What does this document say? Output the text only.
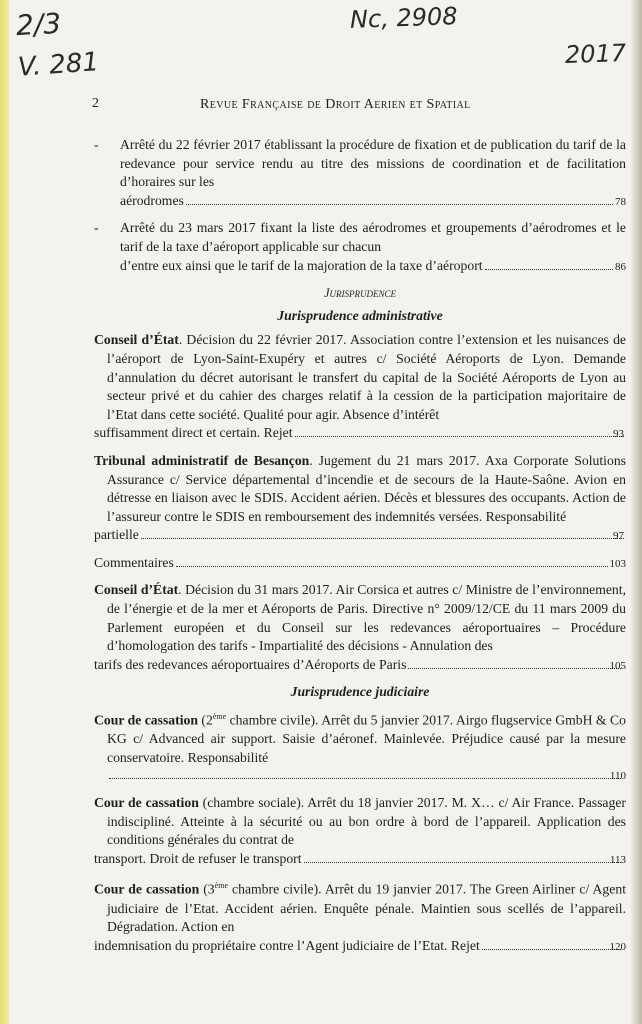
2/3
V. 281
Nc, 2908
2017
2	Revue Française de Droit Aerien et Spatial
- Arrêté du 22 février 2017 établissant la procédure de fixation et de publication du tarif de la redevance pour service rendu au titre des missions de coordination et de facilitation d’horaires sur les
aérodromes	78
- Arrêté du 23 mars 2017 fixant la liste des aérodromes et groupements d’aérodromes et le tarif de la taxe d’aéroport applicable sur chacun
d’entre eux ainsi que le tarif de la majoration de la taxe d’aéroport	86
Jurisprudence
Jurisprudence administrative
Conseil d’État. Décision du 22 février 2017. Association contre l’extension et les nuisances de l’aéroport de Lyon-Saint-Exupéry et autres c/ Société Aéroports de Lyon. Demande d’annulation du décret autorisant le transfert du capital de la Société Aéroports de Lyon au secteur privé et du cahier des charges relatif à la cession de la participation majoritaire de l’Etat dans cette société. Qualité pour agir. Absence d’intérêt
suffisamment direct et certain. Rejet	93
Tribunal administratif de Besançon. Jugement du 21 mars 2017. Axa Corporate Solutions Assurance c/ Service départemental d’incendie et de secours de la Haute-Saône. Avion en détresse en liaison avec le SDIS. Accident aérien. Décès et blessures des occupants. Action de l’assureur contre le SDIS en remboursement des indemnités versées. Responsabilité
partielle	97
Commentaires	103
Conseil d’État. Décision du 31 mars 2017. Air Corsica et autres c/ Ministre de l’environnement, de l’énergie et de la mer et Aéroports de Paris. Directive n° 2009/12/CE du 11 mars 2009 du Parlement européen et du Conseil sur les redevances aéroportuaires – Procédure d’homologation des tarifs - Impartialité des décisions - Annulation des
tarifs des redevances aéroportuaires d’Aéroports de Paris	105
Jurisprudence judiciaire
Cour de cassation (2ème chambre civile). Arrêt du 5 janvier 2017. Airgo flugservice GmbH & Co KG c/ Advanced air support. Saisie d’aéronef. Mainlevée. Préjudice causé par la mesure conservatoire. Responsabilité
110
Cour de cassation (chambre sociale). Arrêt du 18 janvier 2017. M. X… c/ Air France. Passager indiscipliné. Atteinte à la sécurité ou au bon ordre à bord de l’appareil. Application des conditions générales du contrat de
transport. Droit de refuser le transport	113
Cour de cassation (3ème chambre civile). Arrêt du 19 janvier 2017. The Green Airliner c/ Agent judiciaire de l’Etat. Accident aérien. Enquête pénale. Maintien sous scellés de l’appareil. Dégradation. Action en
indemnisation du propriétaire contre l’Agent judiciaire de l’Etat. Rejet	120
